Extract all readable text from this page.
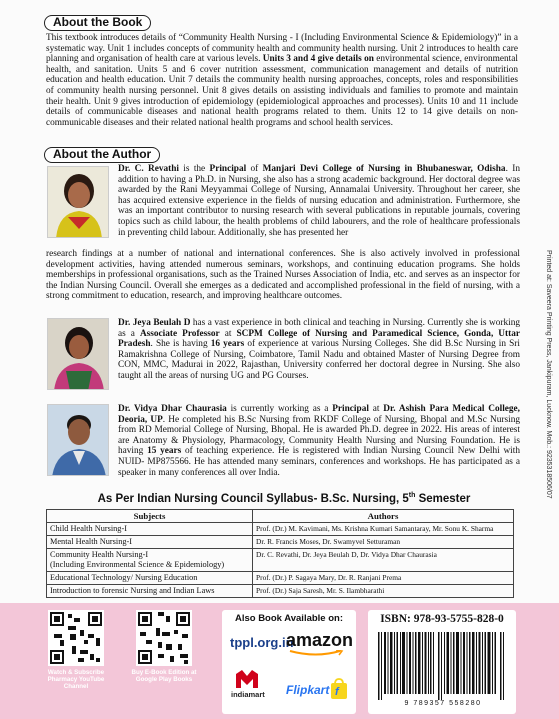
About the Book
This textbook introduces details of “Community Health Nursing - I (Including Environmental Science & Epidemiology)” in a systematic way. Unit 1 includes concepts of community health and community health nursing. Unit 2 introduces to health care planning and organisation of health care at various levels. Units 3 and 4 give details on environmental science, environmental health, and sanitation. Units 5 and 6 cover nutrition assessment, communication management and details of nutrition education and health education. Unit 7 details the community health nursing approaches, concepts, roles and responsibilities of community health nursing personnel. Unit 8 gives details on assisting individuals and families to promote and maintain their health. Unit 9 gives introduction of epidemiology (epidemiological approaches and processes). Units 10 and 11 include details of communicable diseases and national health programs related to them. Units 12 to 14 give details on non-communicable diseases and their related national health programs and school health services.
About the Author
Dr. C. Revathi is the Principal of Manjari Devi College of Nursing in Bhubaneswar, Odisha. In addition to having a Ph.D. in Nursing, she also has a strong academic background. Her doctoral degree was awarded by the Rani Meyyammai College of Nursing, Annamalai University. Throughout her career, she has acquired extensive experience in the fields of nursing education and administration. Furthermore, she was an important contributor to nursing research with several publications in reputable journals, covering topics such as child labour, the health problems of child labourers, and the role of healthcare professionals in preventing child labour. Additionally, she has presented her
research findings at a number of national and international conferences. She is also actively involved in professional development activities, having attended numerous seminars, workshops, and continuing education programs. She holds memberships in professional organisations, such as the Trained Nurses Association of India, etc. and serves as an inspector for the Indian Nursing Council. Overall she emerges as a dedicated and accomplished professional in the field of nursing, with a strong commitment to education, research, and improving healthcare outcomes.
Dr. Jeya Beulah D has a vast experience in both clinical and teaching in Nursing. Currently she is working as a Associate Professor at SCPM College of Nursing and Paramedical Science, Gonda, Uttar Pradesh. She is having 16 years of experience at various Nursing Colleges. She did B.Sc Nursing in Sri Ramakrishna College of Nursing, Coimbatore, Tamil Nadu and obtained Master of Nursing Degree from CON, MMC, Madurai in 2022, Rajasthan, University conferred her doctoral degree in Nursing. She also taught all the areas of nursing UG and PG Courses.
Dr. Vidya Dhar Chaurasia is currently working as a Principal at Dr. Ashish Para Medical College, Deoria, UP. He completed his B.Sc Nursing from RKDF College of Nursing, Bhopal and M.Sc Nursing from RD Memorial College of Nursing, Bhopal. He is awarded Ph.D. degree in 2022. His areas of interest are Anatomy & Physiology, Pharmacology, Community Health Nursing and Nursing Foundation. He is having 15 years of teaching experience. He is registered with Indian Nursing Council New Delhi with NUID- MP875566. He has attended many seminars, conferences and workshops. He has participated as a speaker in many conferences all over India.	Printed at: Saveera Printing Press, Jankipuram, Lucknow. Mob.: 9235318506/07
As Per Indian Nursing Council Syllabus- B.Sc. Nursing, 5th Semester
Subjects	Authors
Child Health Nursing-I	Prof. (Dr.) M. Kavimani, Ms. Krishna Kumari Samantaray, Mr. Sonu K. Sharma
Mental Health Nursing-I	Dr. R. Francis Moses, Dr. Swamyvel Setturaman
Community Health Nursing-I
(Including Environmental Science & Epidemiology)	Dr. C. Revathi, Dr. Jeya Beulah D, Dr. Vidya Dhar Chaurasia
Educational Technology/ Nursing Education	Prof. (Dr.) P. Sagaya Mary, Dr. R. Ranjani Prema
Introduction to forensic Nursing and Indian Laws	Prof. (Dr.) Saja Saresh, Mr. S. Ilambharathi
Watch & Subscribe Pharmacy YouTube Channel
Buy E-Book Edition at Google Play Books
Also Book Available on:
tppl.org.in
amazon
indiamart Flipkart f
ISBN: 978-93-5755-828-0
9 789357 558280
